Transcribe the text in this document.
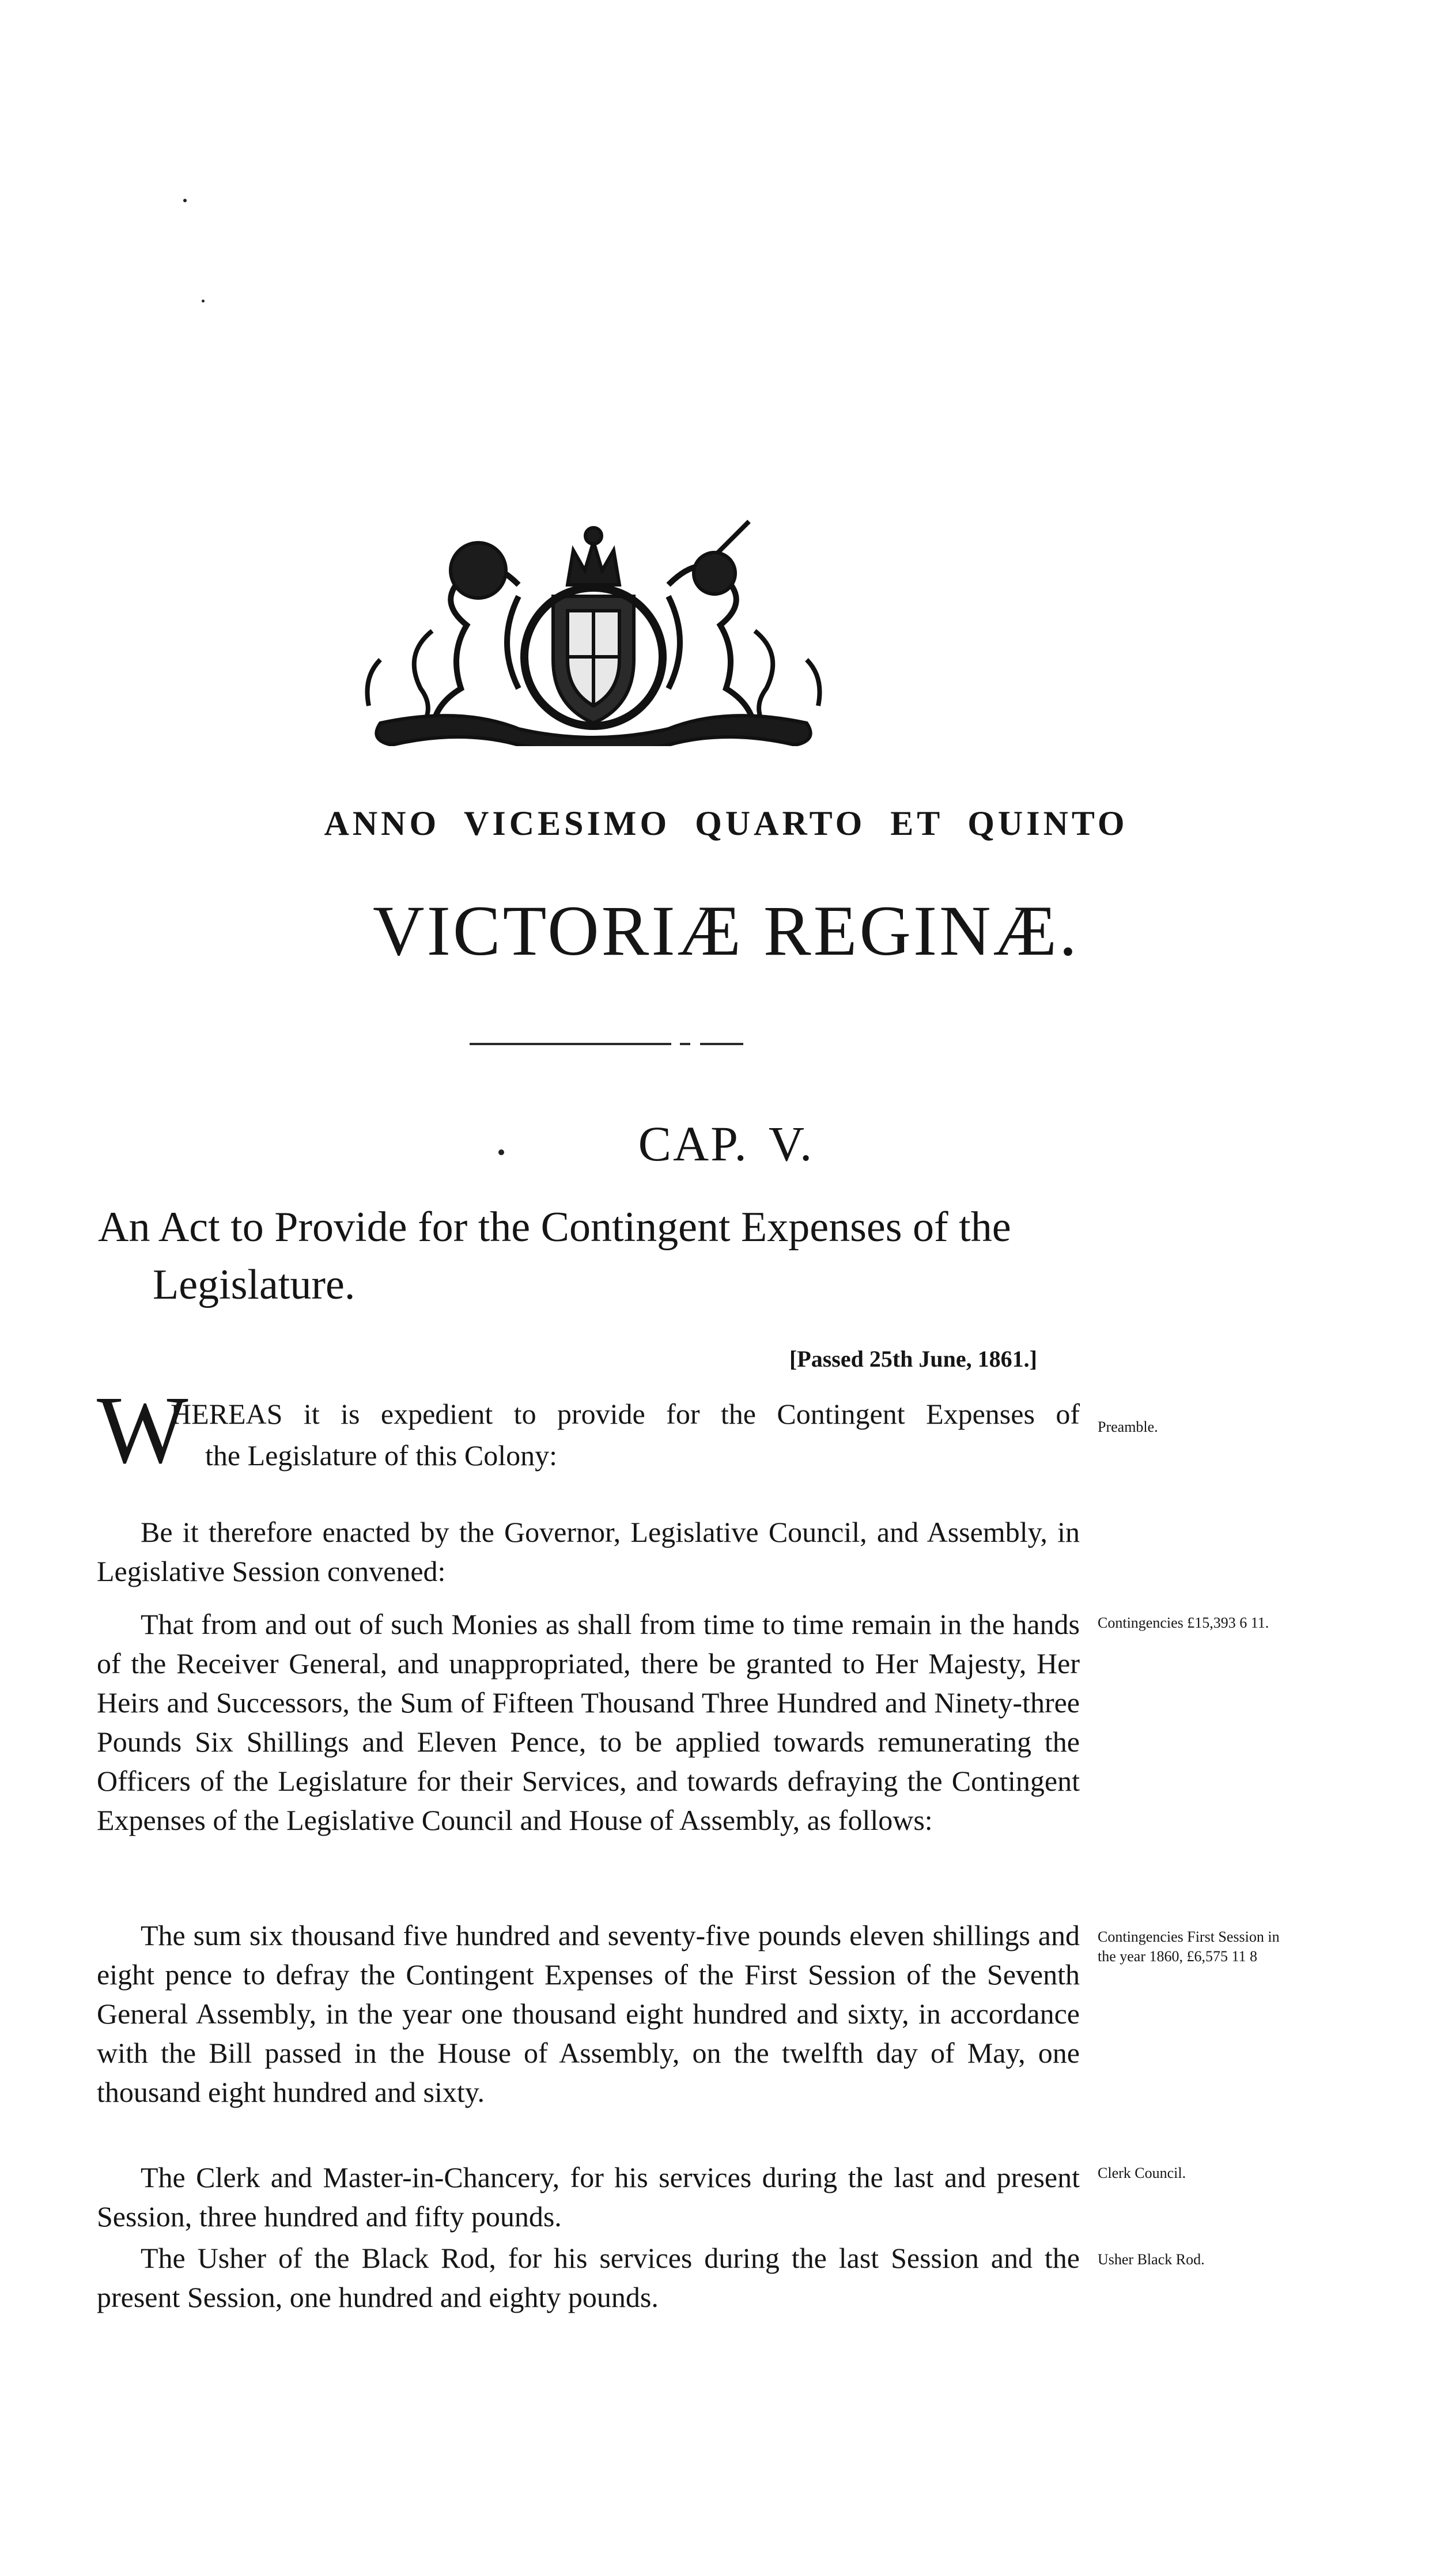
ANNO VICESIMO QUARTO ET QUINTO
VICTORIÆ REGINÆ.
CAP. V.
An Act to Provide for the Contingent Expenses of the Legislature.
[Passed 25th June, 1861.]
W
HEREAS it is expedient to provide for the Contingent Expenses of
the Legislature of this Colony:
Preamble.
Be it therefore enacted by the Governor, Legislative Council, and Assembly, in Legislative Session convened:
That from and out of such Monies as shall from time to time remain in the hands of the Receiver General, and unappropriated, there be granted to Her Majesty, Her Heirs and Successors, the Sum of Fifteen Thousand Three Hundred and Ninety-three Pounds Six Shillings and Eleven Pence, to be applied towards remunerating the Officers of the Legislature for their Services, and towards defraying the Contingent Expenses of the Legislative Council and House of Assembly, as follows:
Contingencies £15,393 6 11.
The sum six thousand five hundred and seventy-five pounds eleven shillings and eight pence to defray the Contingent Expenses of the First Session of the Seventh General Assembly, in the year one thousand eight hundred and sixty, in accordance with the Bill passed in the House of Assembly, on the twelfth day of May, one thousand eight hundred and sixty.
Contingencies First Session in the year 1860, £6,575 11 8
The Clerk and Master-in-Chancery, for his services during the last and present Session, three hundred and fifty pounds.
Clerk Council.
The Usher of the Black Rod, for his services during the last Session and the present Session, one hundred and eighty pounds.
Usher Black Rod.
